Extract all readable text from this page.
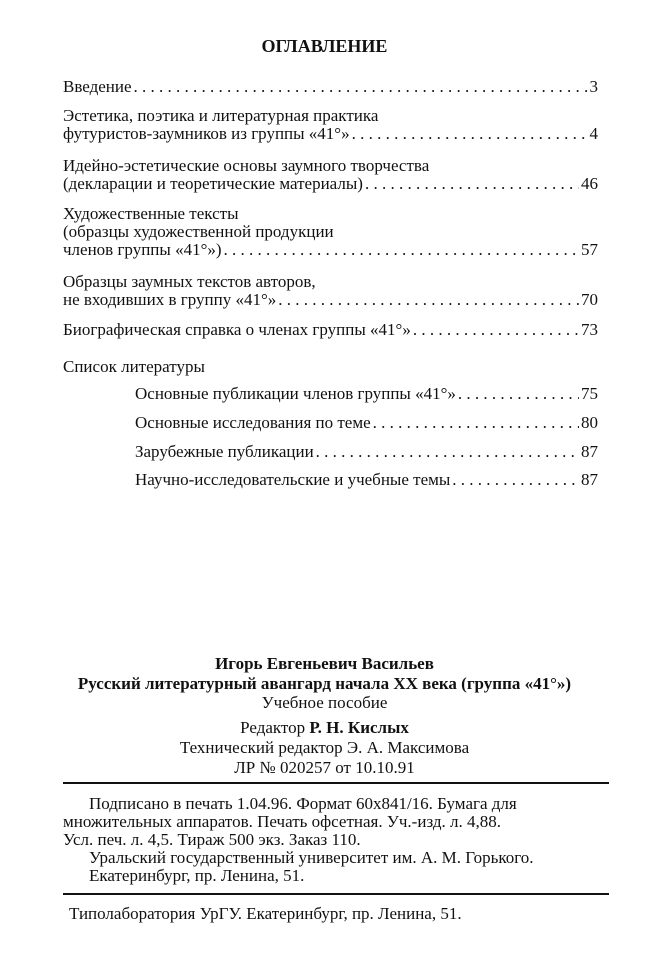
ОГЛАВЛЕНИЕ
Введение . . .	3
Эстетика, поэтика и литературная практика
футуристов-заумников из группы «41°» . . .	4
Идейно-эстетические основы заумного творчества
(декларации и теоретические материалы) . . .	46
Художественные тексты
(образцы художественной продукции
членов группы «41°») . . .	57
Образцы заумных текстов авторов,
не входивших в группу «41°» . . .	70
Биографическая справка о членах группы «41°» . . .	73
Список литературы
Основные публикации членов группы «41°» . . .	75
Основные исследования по теме . . .	80
Зарубежные публикации . . .	87
Научно-исследовательские и учебные темы . . .	87
Игорь Евгеньевич Васильев
Русский литературный авангард начала XX века (группа «41°»)
Учебное пособие
Редактор Р. Н. Кислых
Технический редактор Э. А. Максимова
ЛР № 020257 от 10.10.91
Подписано в печать 1.04.96. Формат 60x841/16. Бумага для
множительных аппаратов. Печать офсетная. Уч.-изд. л. 4,88.
Усл. печ. л. 4,5. Тираж 500 экз. Заказ 110.
Уральский государственный университет им. А. М. Горького.
Екатеринбург, пр. Ленина, 51.
Типолаборатория УрГУ. Екатеринбург, пр. Ленина, 51.
